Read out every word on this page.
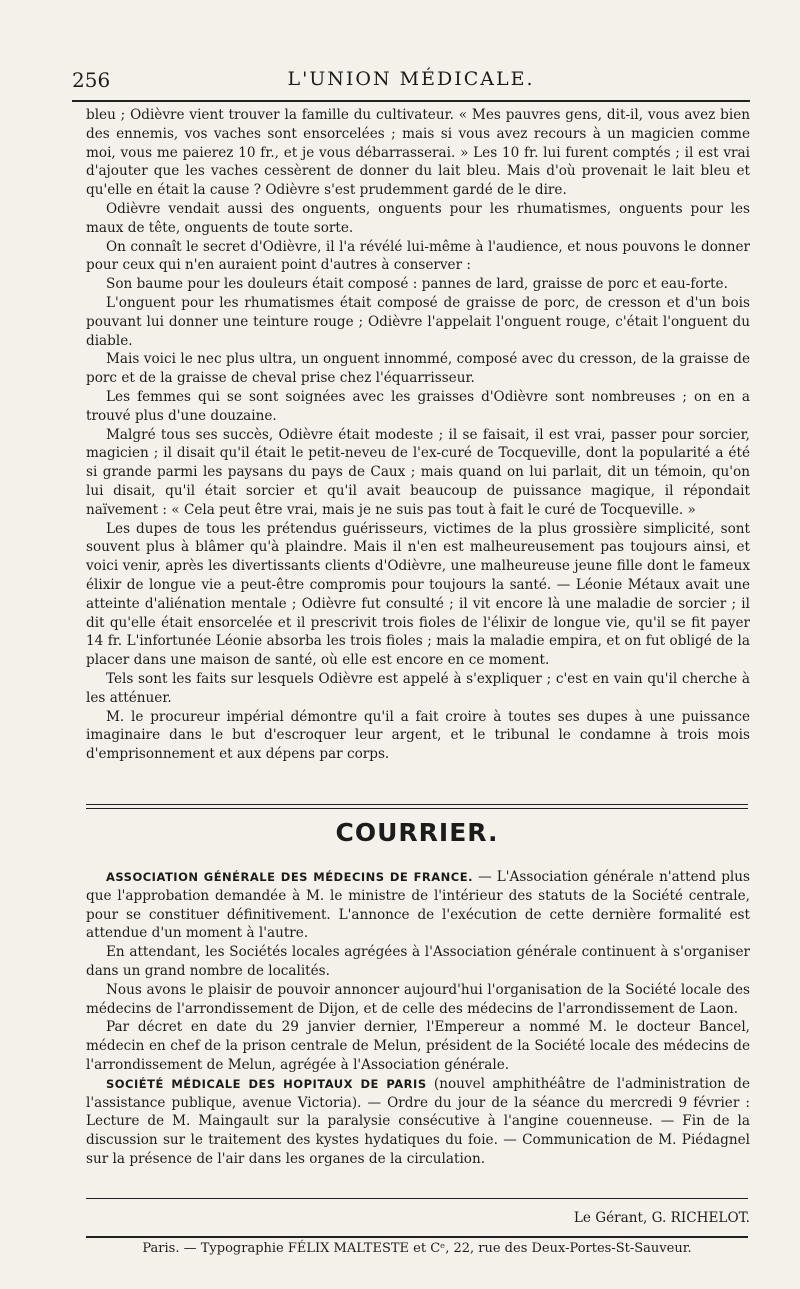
256	L'UNION MÉDICALE.

bleu ; Odièvre vient trouver la famille du cultivateur. « Mes pauvres gens, dit-il, vous avez bien des ennemis, vos vaches sont ensorcelées ; mais si vous avez recours à un magicien comme moi, vous me paierez 10 fr., et je vous débarrasserai. » Les 10 fr. lui furent comptés ; il est vrai d'ajouter que les vaches cessèrent de donner du lait bleu. Mais d'où provenait le lait bleu et qu'elle en était la cause ? Odièvre s'est prudemment gardé de le dire.

Odièvre vendait aussi des onguents, onguents pour les rhumatismes, onguents pour les maux de tête, onguents de toute sorte.

On connaît le secret d'Odièvre, il l'a révélé lui-même à l'audience, et nous pouvons le donner pour ceux qui n'en auraient point d'autres à conserver :

Son baume pour les douleurs était composé : pannes de lard, graisse de porc et eau-forte.

L'onguent pour les rhumatismes était composé de graisse de porc, de cresson et d'un bois pouvant lui donner une teinture rouge ; Odièvre l'appelait l'onguent rouge, c'était l'onguent du diable.

Mais voici le nec plus ultra, un onguent innommé, composé avec du cresson, de la graisse de porc et de la graisse de cheval prise chez l'équarrisseur.

Les femmes qui se sont soignées avec les graisses d'Odièvre sont nombreuses ; on en a trouvé plus d'une douzaine.

Malgré tous ses succès, Odièvre était modeste ; il se faisait, il est vrai, passer pour sorcier, magicien ; il disait qu'il était le petit-neveu de l'ex-curé de Tocqueville, dont la popularité a été si grande parmi les paysans du pays de Caux ; mais quand on lui parlait, dit un témoin, qu'on lui disait, qu'il était sorcier et qu'il avait beaucoup de puissance magique, il répondait naïvement : « Cela peut être vrai, mais je ne suis pas tout à fait le curé de Tocqueville. »

Les dupes de tous les prétendus guérisseurs, victimes de la plus grossière simplicité, sont souvent plus à blâmer qu'à plaindre. Mais il n'en est malheureusement pas toujours ainsi, et voici venir, après les divertissants clients d'Odièvre, une malheureuse jeune fille dont le fameux élixir de longue vie a peut-être compromis pour toujours la santé. — Léonie Métaux avait une atteinte d'aliénation mentale ; Odièvre fut consulté ; il vit encore là une maladie de sorcier ; il dit qu'elle était ensorcelée et il prescrivit trois fioles de l'élixir de longue vie, qu'il se fit payer 14 fr. L'infortunée Léonie absorba les trois fioles ; mais la maladie empira, et on fut obligé de la placer dans une maison de santé, où elle est encore en ce moment.

Tels sont les faits sur lesquels Odièvre est appelé à s'expliquer ; c'est en vain qu'il cherche à les atténuer.

M. le procureur impérial démontre qu'il a fait croire à toutes ses dupes à une puissance imaginaire dans le but d'escroquer leur argent, et le tribunal le condamne à trois mois d'emprisonnement et aux dépens par corps.

COURRIER.

ASSOCIATION GÉNÉRALE DES MÉDECINS DE FRANCE. — L'Association générale n'attend plus que l'approbation demandée à M. le ministre de l'intérieur des statuts de la Société centrale, pour se constituer définitivement. L'annonce de l'exécution de cette dernière formalité est attendue d'un moment à l'autre.

En attendant, les Sociétés locales agrégées à l'Association générale continuent à s'organiser dans un grand nombre de localités.

Nous avons le plaisir de pouvoir annoncer aujourd'hui l'organisation de la Société locale des médecins de l'arrondissement de Dijon, et de celle des médecins de l'arrondissement de Laon.

Par décret en date du 29 janvier dernier, l'Empereur a nommé M. le docteur Bancel, médecin en chef de la prison centrale de Melun, président de la Société locale des médecins de l'arrondissement de Melun, agrégée à l'Association générale.

SOCIÉTÉ MÉDICALE DES HOPITAUX DE PARIS (nouvel amphithéâtre de l'administration de l'assistance publique, avenue Victoria). — Ordre du jour de la séance du mercredi 9 février : Lecture de M. Maingault sur la paralysie consécutive à l'angine couenneuse. — Fin de la discussion sur le traitement des kystes hydatiques du foie. — Communication de M. Piédagnel sur la présence de l'air dans les organes de la circulation.

Le Gérant, G. RICHELOT.
Paris. — Typographie FÉLIX MALTESTE et Cᵉ, 22, rue des Deux-Portes-St-Sauveur.
